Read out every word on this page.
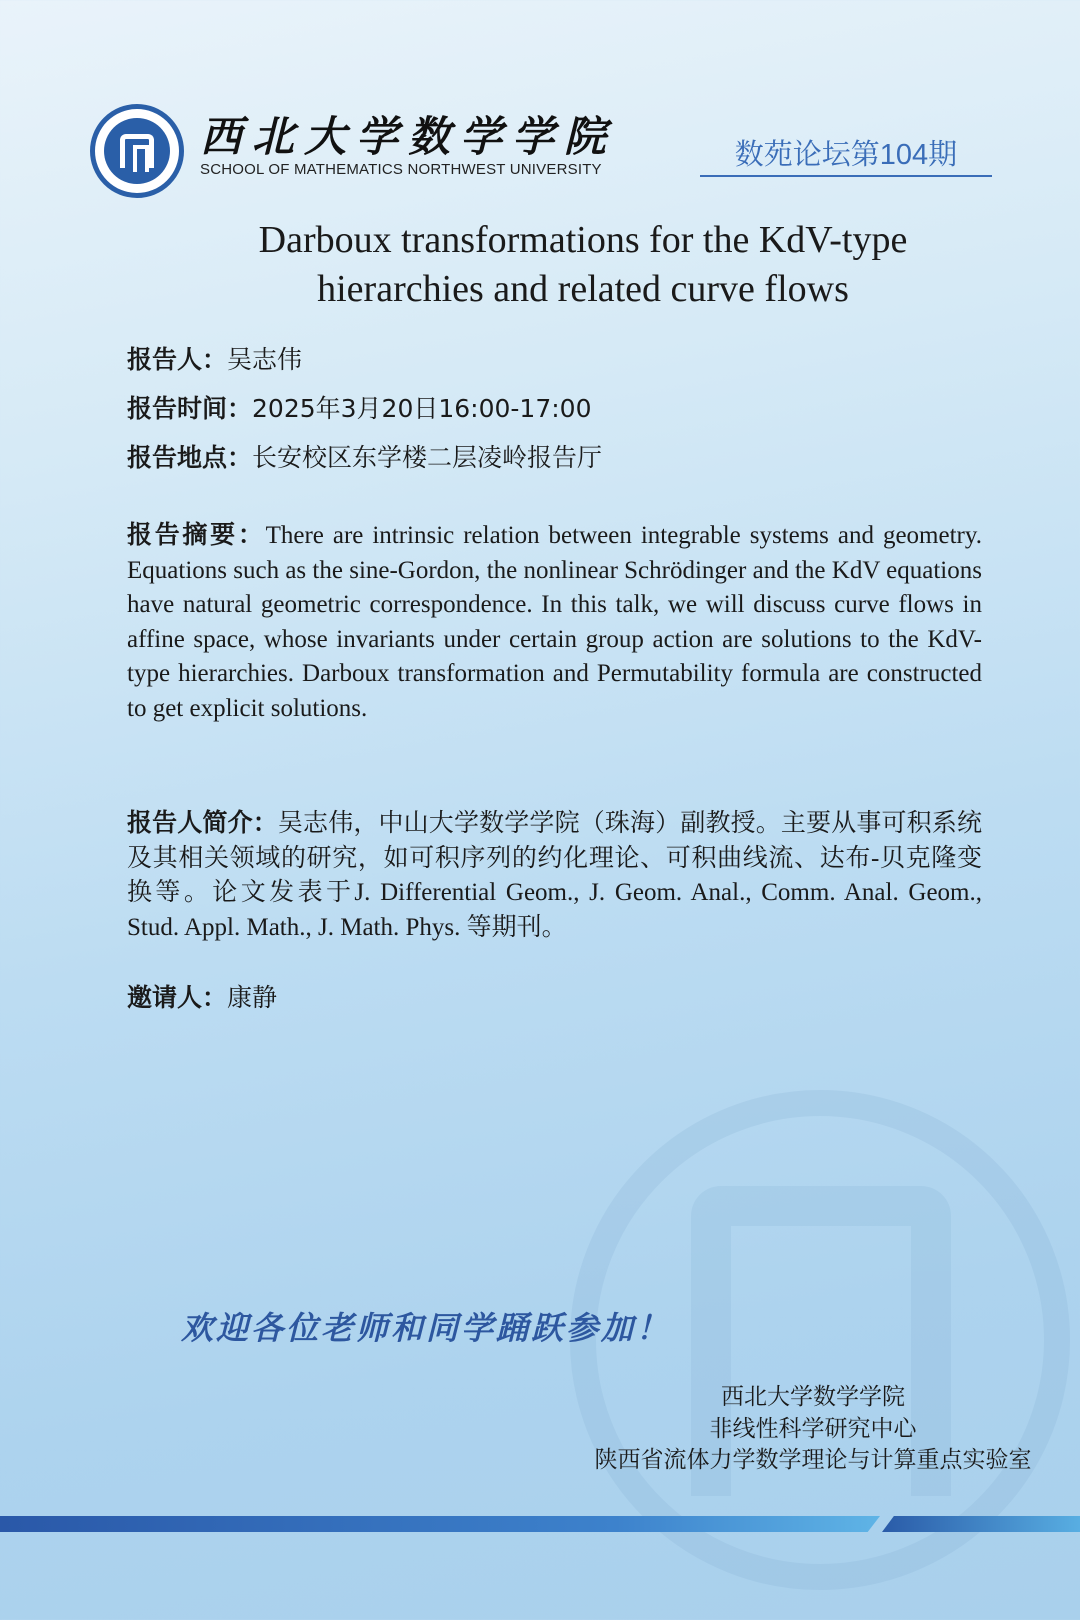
西北大学数学学院
SCHOOL OF MATHEMATICS NORTHWEST UNIVERSITY	数苑论坛第104期
Darboux transformations for the KdV-type
hierarchies and related curve flows
报告人：吴志伟
报告时间：2025年3月20日16:00-17:00
报告地点：长安校区东学楼二层凌岭报告厅
报告摘要：There are intrinsic relation between integrable systems and geometry. Equations such as the sine-Gordon, the nonlinear Schrödinger and the KdV equations have natural geometric correspondence. In this talk, we will discuss curve flows in affine space, whose invariants under certain group action are solutions to the KdV-type hierarchies. Darboux transformation and Permutability formula are constructed to get explicit solutions.
报告人简介：吴志伟，中山大学数学学院（珠海）副教授。主要从事可积系统及其相关领域的研究，如可积序列的约化理论、可积曲线流、达布-贝克隆变换等。论文发表于J. Differential Geom., J. Geom. Anal., Comm. Anal. Geom., Stud. Appl. Math., J. Math. Phys. 等期刊。
邀请人：康静
欢迎各位老师和同学踊跃参加！
西北大学数学学院
非线性科学研究中心
陕西省流体力学数学理论与计算重点实验室
